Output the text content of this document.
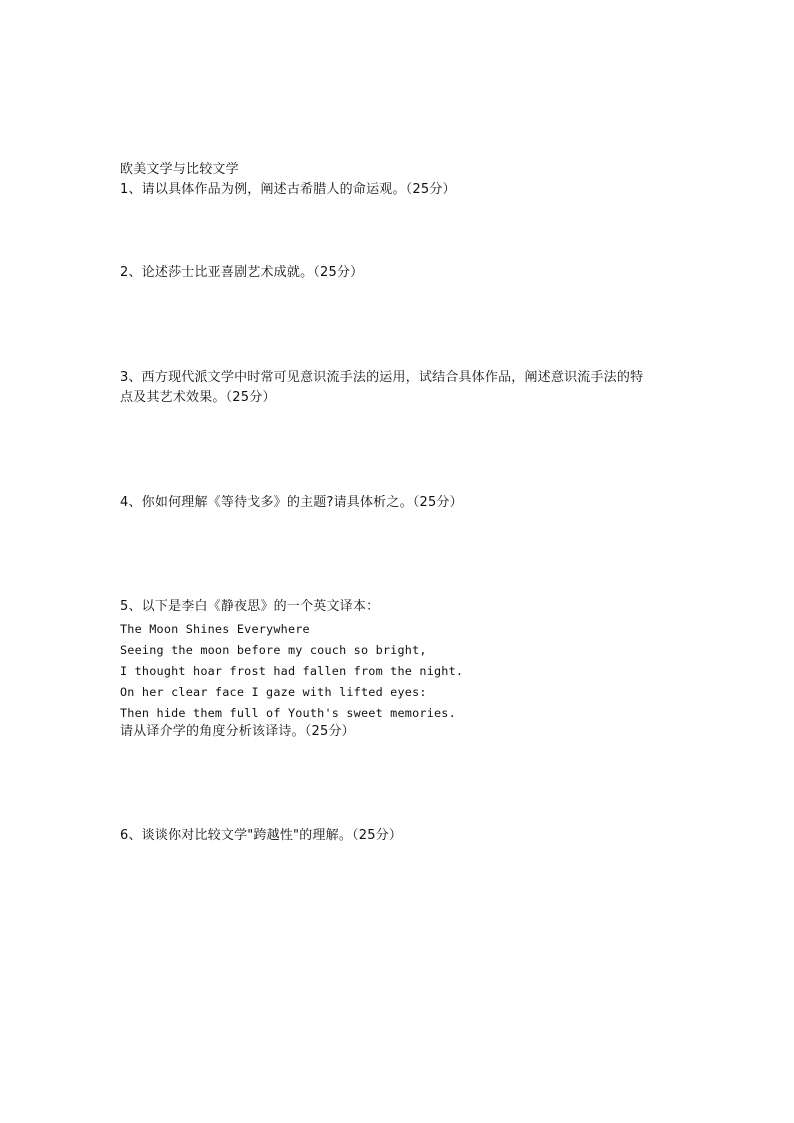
欧美文学与比较文学
1、请以具体作品为例，阐述古希腊人的命运观。（25分）
2、论述莎士比亚喜剧艺术成就。（25分）
3、西方现代派文学中时常可见意识流手法的运用，试结合具体作品，阐述意识流手法的特
点及其艺术效果。（25分）
4、你如何理解《等待戈多》的主题?请具体析之。（25分）
5、以下是李白《静夜思》的一个英文译本：
The Moon Shines Everywhere
Seeing the moon before my couch so bright,
I thought hoar frost had fallen from the night.
On her clear face I gaze with lifted eyes:
Then hide them full of Youth's sweet memories.
请从译介学的角度分析该译诗。（25分）
6、谈谈你对比较文学"跨越性"的理解。（25分）
